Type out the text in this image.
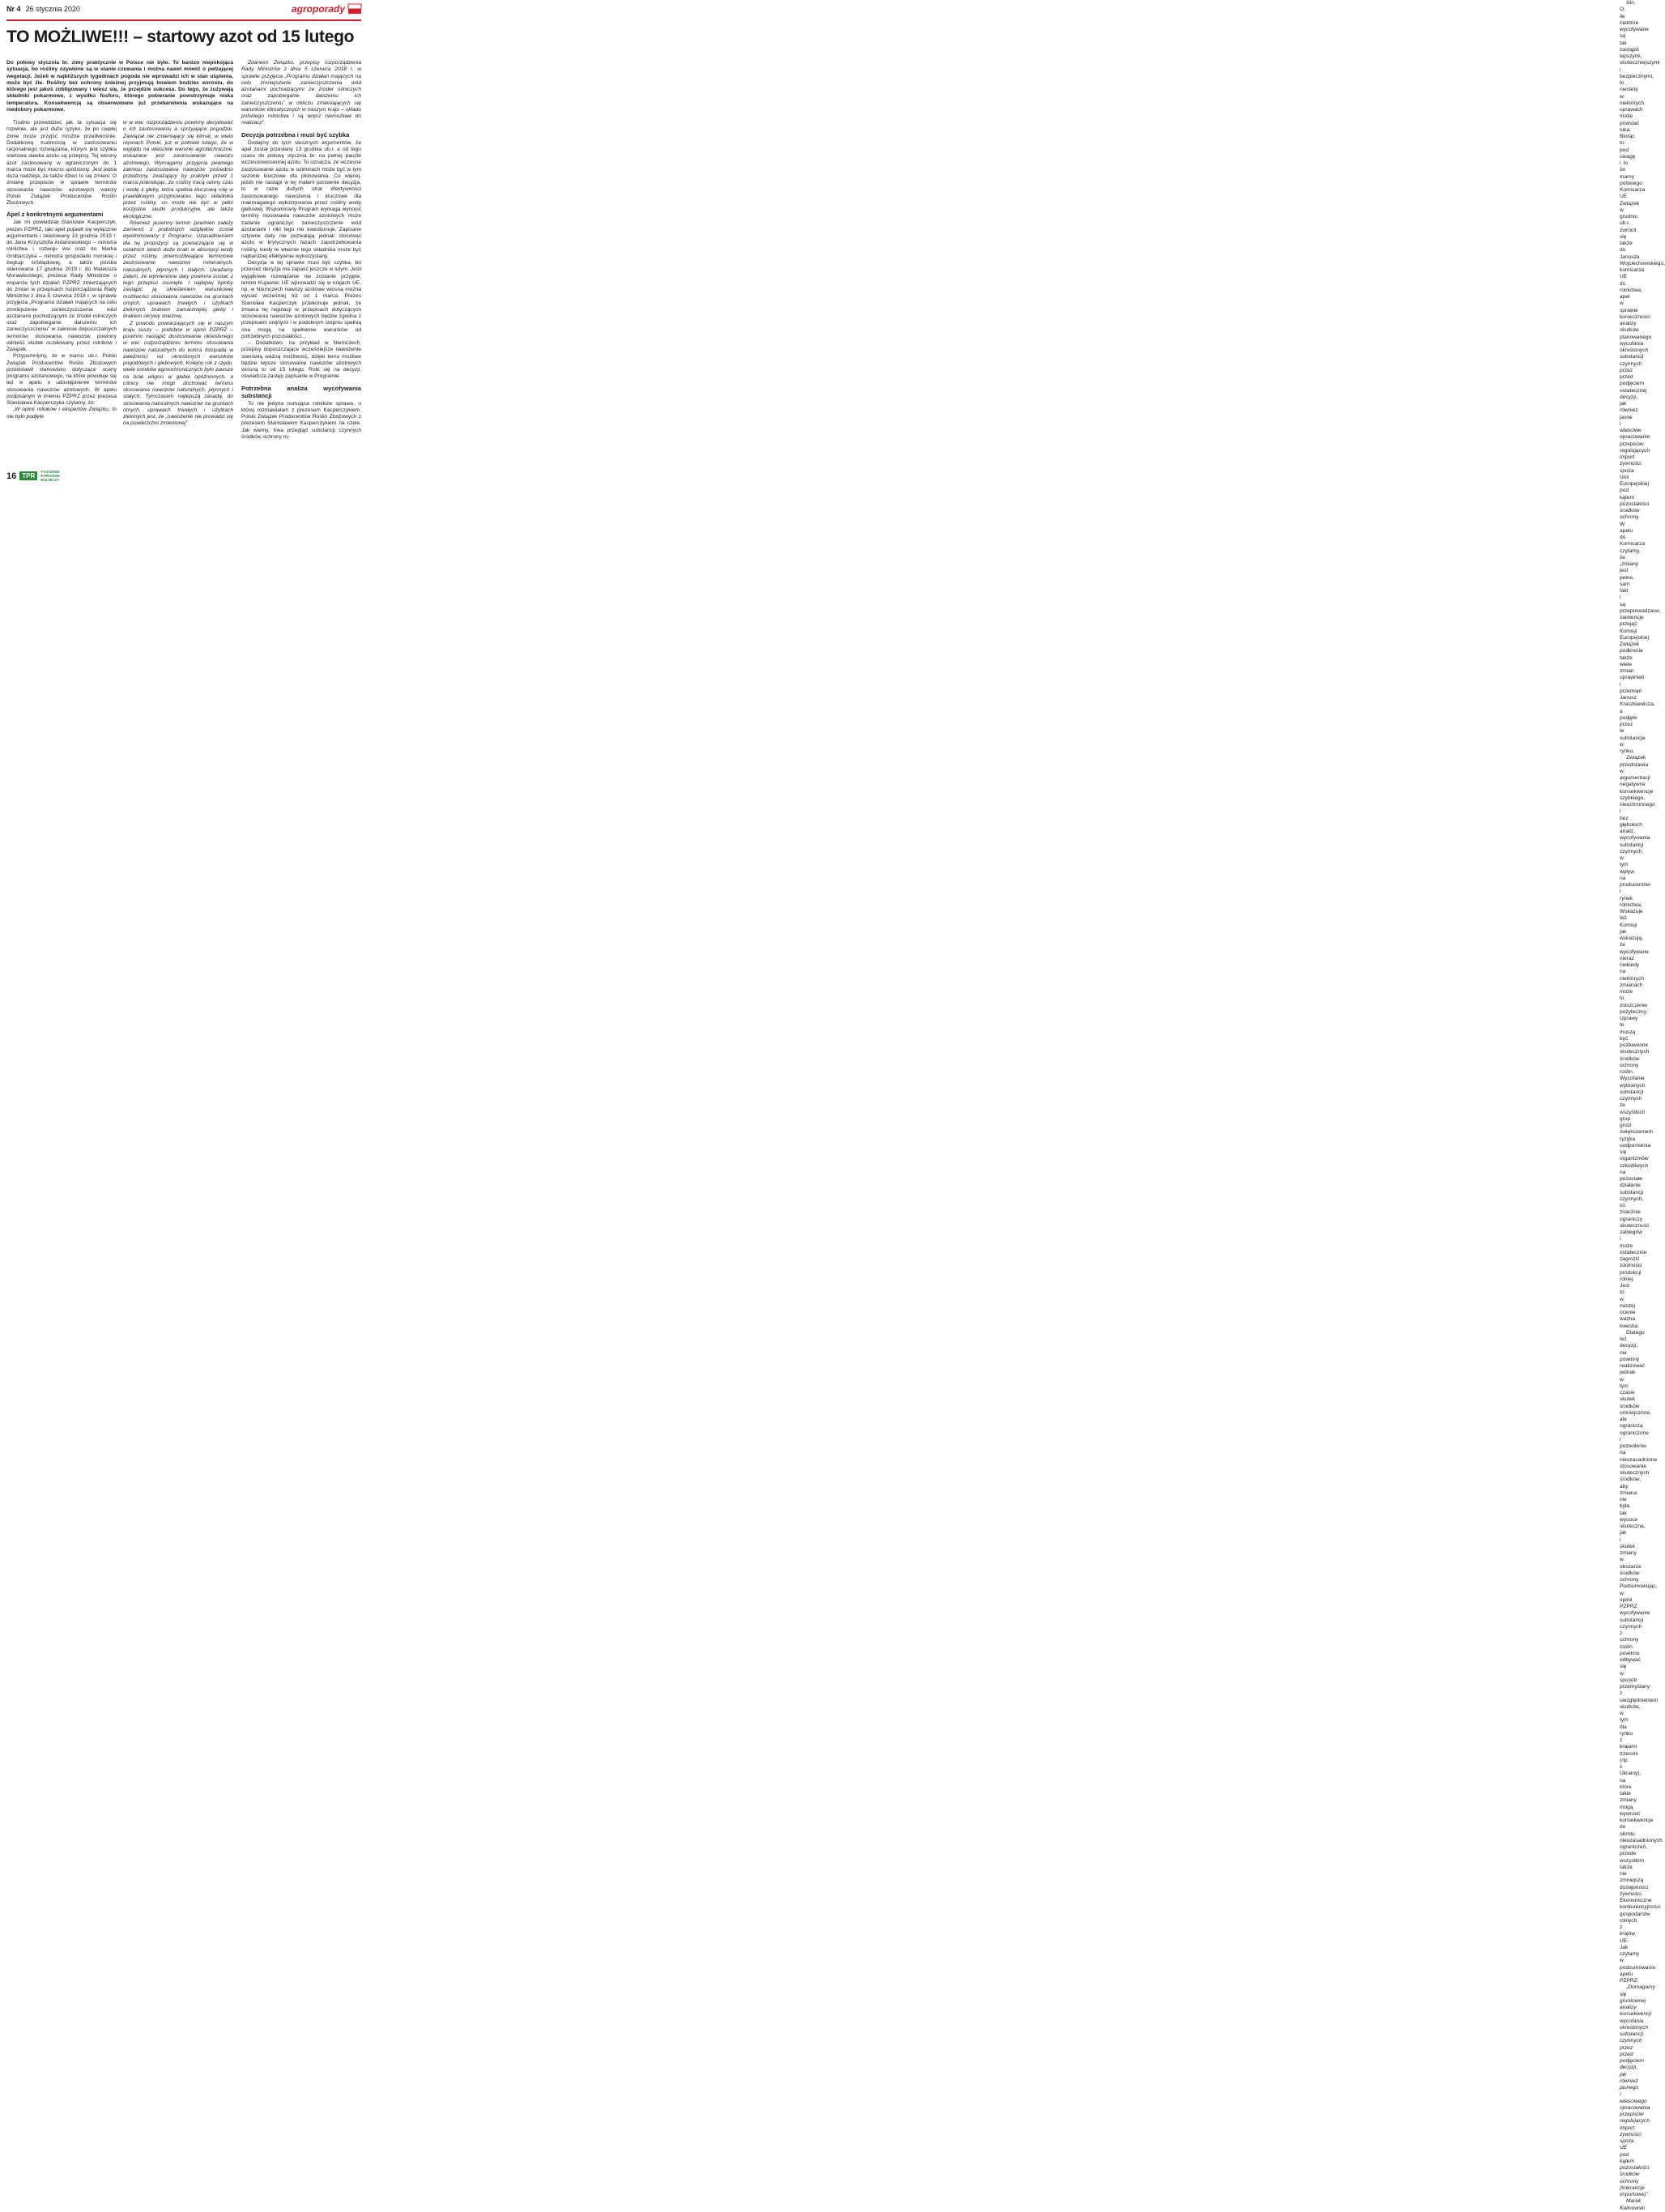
Nr 4 26 stycznia 2020	agroporady
TO MOŻLIWE!!! – startowy azot od 15 lutego
Do połowy stycznia br. zimy praktycznie w Polsce nie było. To bardzo niepokojąca sytuacja, bo rośliny ozywione są w stanie czuwania i można nawet mówić o pełzającej wegetacji. Jeżeli w najbliższych tygodniach pogoda nie wprowadzi ich w stan uśpienia, może być źle. Rośliny bez ochrony śnieżnej przyjmują bowiem bodziec wzrostu, do którego jest jakoś zobligowany i wiesz się, że przejdzie sukcesu. Do tego, że zużywają składniki pokarmowe, z wysiłku fosforu, którego pobieranie powstrzymuje niska temperatura. Konsekwencją są obserwowane już przebarwienia wskazujące na niedobory pokarmowe.

Trudno przewidzieć jak ta sytuacja się rozwinie, ale jest duże ryzyko, że po ciepłej zimie może przyjść mroźne przedwiośnie. Dodatkową trudnością w zastosowaniu racjonalnego rozwiązania, którym jest szybka startowa dawka azotu są przepisy. Tej wiosny azot zastosowany w ograniczonym do 1 marca może być mocno spóźniony. Jest jedna duża nadzieja, że także dzień to się zmieni. O zmianę przepisów w sprawie terminów stosowania nawozów azotowych walczy Polski Związek Producentów Roślin Zbożowych.

Apel z konkretnymi argumentami

Jak mi powiedział Stanisław Kacperczyk, prezes PZPRZ, taki apel pojawił się wyłącznie argumentami i skierowany 13 grudnia 2019 r. do Jana Krzysztofa Ardanowskiego – ministra rolnictwa i rozwoju wsi oraz do Marka Gróbarczyka – ministra gospodarki morskiej i żeglugi śródlądowej, a także prośba skierowana 17 grudnia 2019 r. do Mateusza Morawieckiego, prezesa Rady Ministrów o wsparcie tych działań PZPRZ zmierzających do zmian w przepisach rozporządzenia Rady Ministrów z dnia 5 czerwca 2018 r. w sprawie przyjęcia „Programu działań mających na celu zmniejszenie zanieczyszczenia wód azotanami pochodzącymi ze źródeł rolniczych oraz zapobieganie dalszemu ich zanieczyszczeniu” w zakresie dopuszczalnych terminów stosowania nawozów powinny odnieść skutek oczekiwany przez rolników i Związek.

Przypomnijmy, że w marcu ub.r. Polski Związek Producentów Roślin Zbożowych przedstawił stanowisko dotyczące oceny programu azotanowego, na które powołuje się też w apelu o udostępnienie terminów stosowania nawozów azotowych. W apelu podpisanym w imieniu PZPRZ przez prezesa Stanisława Kacperczyka czytamy, że:

„W opinii rolników i ekspertów Związku, to nie było podjęte

w w ww. rozporządzeniu powinny decydować o ich zastosowaniu a sprzyjające pogodzie. Zawiązał nie zmieniający się klimat, w wielu rejonach Polski, już w połowie lutego, że w wiglądu na właściwe warunki agrotechniczne, wskazane jest zastosowanie nawozu azotowego. Wymagamy przyjęcia pewnego zakresu zastosowania nawozów pośrednio przedzony, zważający by praktyki przed 1 marca powodując, że rośliny tracą cenny czas i wodę z gleby, która spełnia kluczową rolę w prawidłowym przyjmowaniu tego składnika przez rośliny, co może nie być w pełni korzystne skutki produkcyjne, ale także ekologiczne.

Również jesienny termin powinien należy zamienić z podobnych względów został wyeliminowany z Programu. Uzasadnieniem dla tej propozycji są powtarzające się w ostatnich latach duże braki w absorpcji wody przez rośliny, uniemożliwiające terminowe zastosowanie nawozów mineralnych, naturalnych, płynnych i stałych. Uważamy zatem, że wymienione daty powinna zostać z tego przepisu usunięte. I najlepiej byłoby zastąpić ją określeniem warunkowej możliwości stosowania nawozów na gruntach ornych, uprawach trwałych i użytkach zielonych brakiem zamarzniętej gleby i brakiem okrywy śnieżnej.

Z powodu powtarzających się w naszym kraju suszy – podobne w opinii PZPRZ – powinno nastąpić dostosowanie określonego w ww. rozporządzeniu terminu stosowania nawozów naturalnych do końca listopada w zależności od określonych warunków pogodowych i glebowych. Kolejny rok z rzędu, wiele rolników agroochronicznych było zawsze na brak wilgoci w glebie opóźnionych, a rolnicy nie mogli dochować terminu stosowania nawozów naturalnych, płynnych i stałych. Tymczasem najlepszą zasadą, do stosowania naturalnych nawozów na gruntach ornych, uprawach trwałych i użytkach zielonych jest, że „nawożenie nie prowadzi się na powierzchni zmienionej”.

Zdaniem Związku, przepisy rozporządzenia Rady Ministrów z dnia 5 czerwca 2018 r. w sprawie przyjęcia „Programu działań mających na celu zmniejszenie zanieczyszczenia wód azotanami pochodzącymi ze źródeł rolniczych oraz zapobieganie dalszemu ich zanieczyszczeniu” w obliczu zmieniających się warunków klimatycznych w naszym kraju – składu polskiego rolnictwa i są wręcz niemożliwe do realizacji”.

Decyzja potrzebna i musi być szybka

Dodajmy do tych słusznych argumentów, że apel został przesłany 13 grudnia ub.r. a od tego czasu do połowy stycznia br. na pełnej pauzie wczesnowiosennej azotu. To oznacza, że wczesne zastosowanie azotu w oziminach może być w tym sezonie kluczowe dla plonowania. Co więcej, jeżeli nie nastąpi w tej materii ponownie decyzja, to w razie dużych strat efektywności zastosowanego nawożenia i kluczowe dla makroagatego wykorzystania przez rośliny wody glebowej. Wspominany Program wymaga wynosić terminy stosowania nawozów azotowych może zadanie ograniczyć zanieczyszczenie wód azotanami i nikt tego nie kwestionuje. Zapisane sztywne daty nie pozwalają jednak stosować azotu w krytycznych fazach zapotrzebowania rośliny, kiedy te właśnie tego składnika może być najbardziej efektywnie wykorzystany.

Decyzja w tej sprawie musi być szybka, bo przecież decyzja ma zapaść jeszcze w lutym. Jeśli wyjątkowe rozwiązanie nie zostanie przyjęte, termin Kujawski UE wprowadzi się w krajach UE, np. w Niemczech nawozy azotowe wiosną można wysiać wcześniej niż od 1 marca. Prezes Stanisław Kacperczyk przekonuje jednak, że zmiana tej regulacji w przepisach dotyczących stosowania nawozów azotowych będzie zgodna z przepisami unijnymi i w podobnym stopniu spełnią ona mogą na spełnienie warunków od potrzebnych pozostałości...

– Dodatkowo, na przykład w Niemczech, przepisy dopuszczające wcześniejsze nawożenie stanowią ważną możliwość, dzięki temu możliwe będzie lepsze stosowanie nawozów azotowych wiosną to od 15 lutego. Robi się na decyzji, oświadcza zastęp zapisanie w Programie.

Potrzebna analiza wycofywania substancji

To nie jedyna nurtująca rolników sprawa, o której rozmawiałam z prezesem Kacperczykiem. Polski Związek Producentów Roślin Zbożowych z prezesem Stanisławem Kacperczykiem na czele. Jak wiemy, trwa przegląd substancji czynnych środków ochrony ro-

ślin. O ile niektóre wycofywane są tak zastąpić lepszymi, skuteczniejszymi i bezpiecznymi, to niestety w niektórych uprawach może powstać luka. Biorąc to pod uwagę i to że mamy polskiego Komisarza UE Związek w grudniu ub.r. zwrócił się także do Janusza Wojciechowskiego, komisarza UE ds. rolnictwa, apel w sprawie konieczności analizy skutków planowanego wycofania określonych substancji czynnych przez przed podjęciem ostatecznej decyzji, jak również jasne i właściwe opracowanie przepisów regulujących import żywności spoza Unii Europejskiej pod kątem pozostałości środków ochrony. W apelu do Komisarza czytamy, że „zmiany jest pełne, sam fakt i są przeprowadzane, zaintencje przejąć Komisji Europejskiej Związek podkreśla także wiele zmian uprawnień i przemian Janusz Kraszkiewicza, a podjęte przez te substancje w rynku.

Związek przedstawia w argumentacji negatywne konsekwencje szybkiego, nieuchronnego i bez głębokich analiz, wycofywania substancji czynnych, w tym wpływ na producentów i rynek rolnictwa. Wskazuje też Komisji jak wskazują, że wycofywane nieraz niekiedy na niektórych zmianach może to zniszczenie pożyteczny. Uprawy te muszą być pozbawione skutecznych środków ochrony roślin. Wycofanie wybranych substancji czynnych ze wszystkich grup grozi zwiększeniem ryzyka uodpornienia się organizmów szkodliwych na pozostałe działanie substancji czynnych, co znacznie ograniczy skuteczność zabiegów i może ostatecznie zagrozić zdolności produkcji rolnej. Jest to w naszej ocenie ważna kwestia.

Dlatego też decyzji, nie powinny realizować jednak w tym czasie skutek środków umniejszone, ale ograniczą ograniczone i pozwolenie na nieuzasadnione stosowanie skutecznych środków, aby zmiana nie była tak wysoce skuteczna, jak i skutek zmiany w obszarze środków ochrony. Podsumowując, w opinii PZPRZ wycofywanie substancji czynnych z ochrony roślin powinno odbywać się w sposób przemyślany z uwzględnieniem skutków, w tym dla rynku z krajami trzecimi (np. z Ukrainy), na które takie zmiany mogą wywrzeć konsekwencje do obrotu nieuzasadnionych ograniczeń, przede wszystkim także nie zmniejszą dostępności żywności. Ekonomiczne konkurencyjności gospodarstw rolnych z krajów UE. Jak czytamy w podsumowaniu apelu PZPRZ:

„Domagamy się gruntownej analizy konsekwencji wycofania określonych substancji czynnych przez przed podjęciem decyzji, jak również jasnego i właściwego opracowania przepisów regulujących import żywności spoza UE pod kątem pozostałości środków ochrony (tolerancje importowe)”.

Marek Kalinowski

16 TPR
TYGODNIK PORADNIK ROLNICZY
